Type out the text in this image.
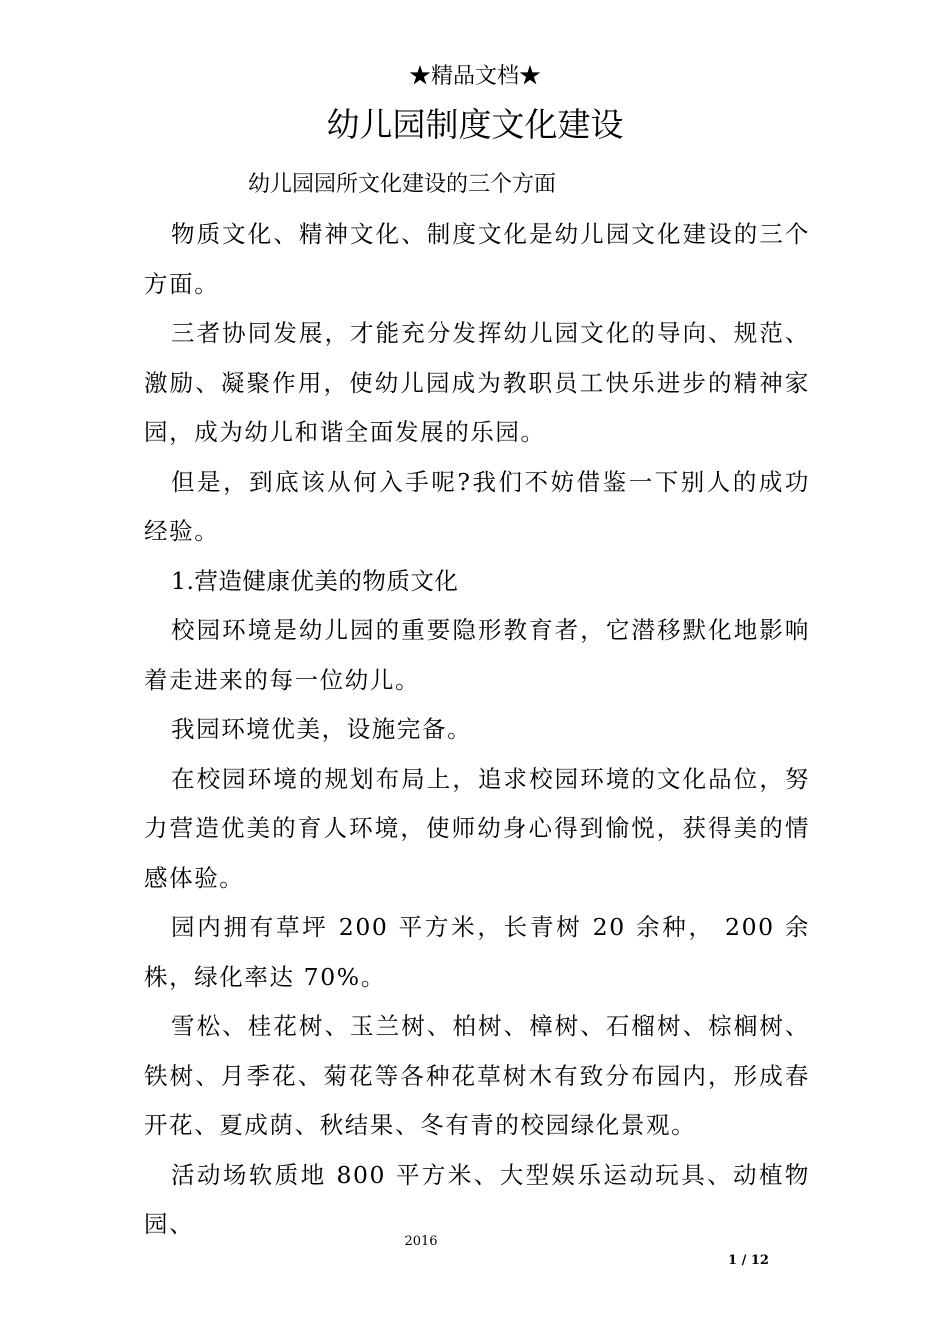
★精品文档★
幼儿园制度文化建设
幼儿园园所文化建设的三个方面

物质文化、精神文化、制度文化是幼儿园文化建设的三个方面。

三者协同发展，才能充分发挥幼儿园文化的导向、规范、激励、凝聚作用，使幼儿园成为教职员工快乐进步的精神家园，成为幼儿和谐全面发展的乐园。

但是，到底该从何入手呢?我们不妨借鉴一下别人的成功经验。

1.营造健康优美的物质文化

校园环境是幼儿园的重要隐形教育者，它潜移默化地影响着走进来的每一位幼儿。

我园环境优美，设施完备。

在校园环境的规划布局上，追求校园环境的文化品位，努力营造优美的育人环境，使师幼身心得到愉悦，获得美的情感体验。

园内拥有草坪 200 平方米，长青树 20 余种， 200 余株，绿化率达 70%。

雪松、桂花树、玉兰树、柏树、樟树、石榴树、棕榈树、铁树、月季花、菊花等各种花草树木有致分布园内，形成春开花、夏成荫、秋结果、冬有青的校园绿化景观。

活动场软质地 800 平方米、大型娱乐运动玩具、动植物园、

2016
1 / 12
